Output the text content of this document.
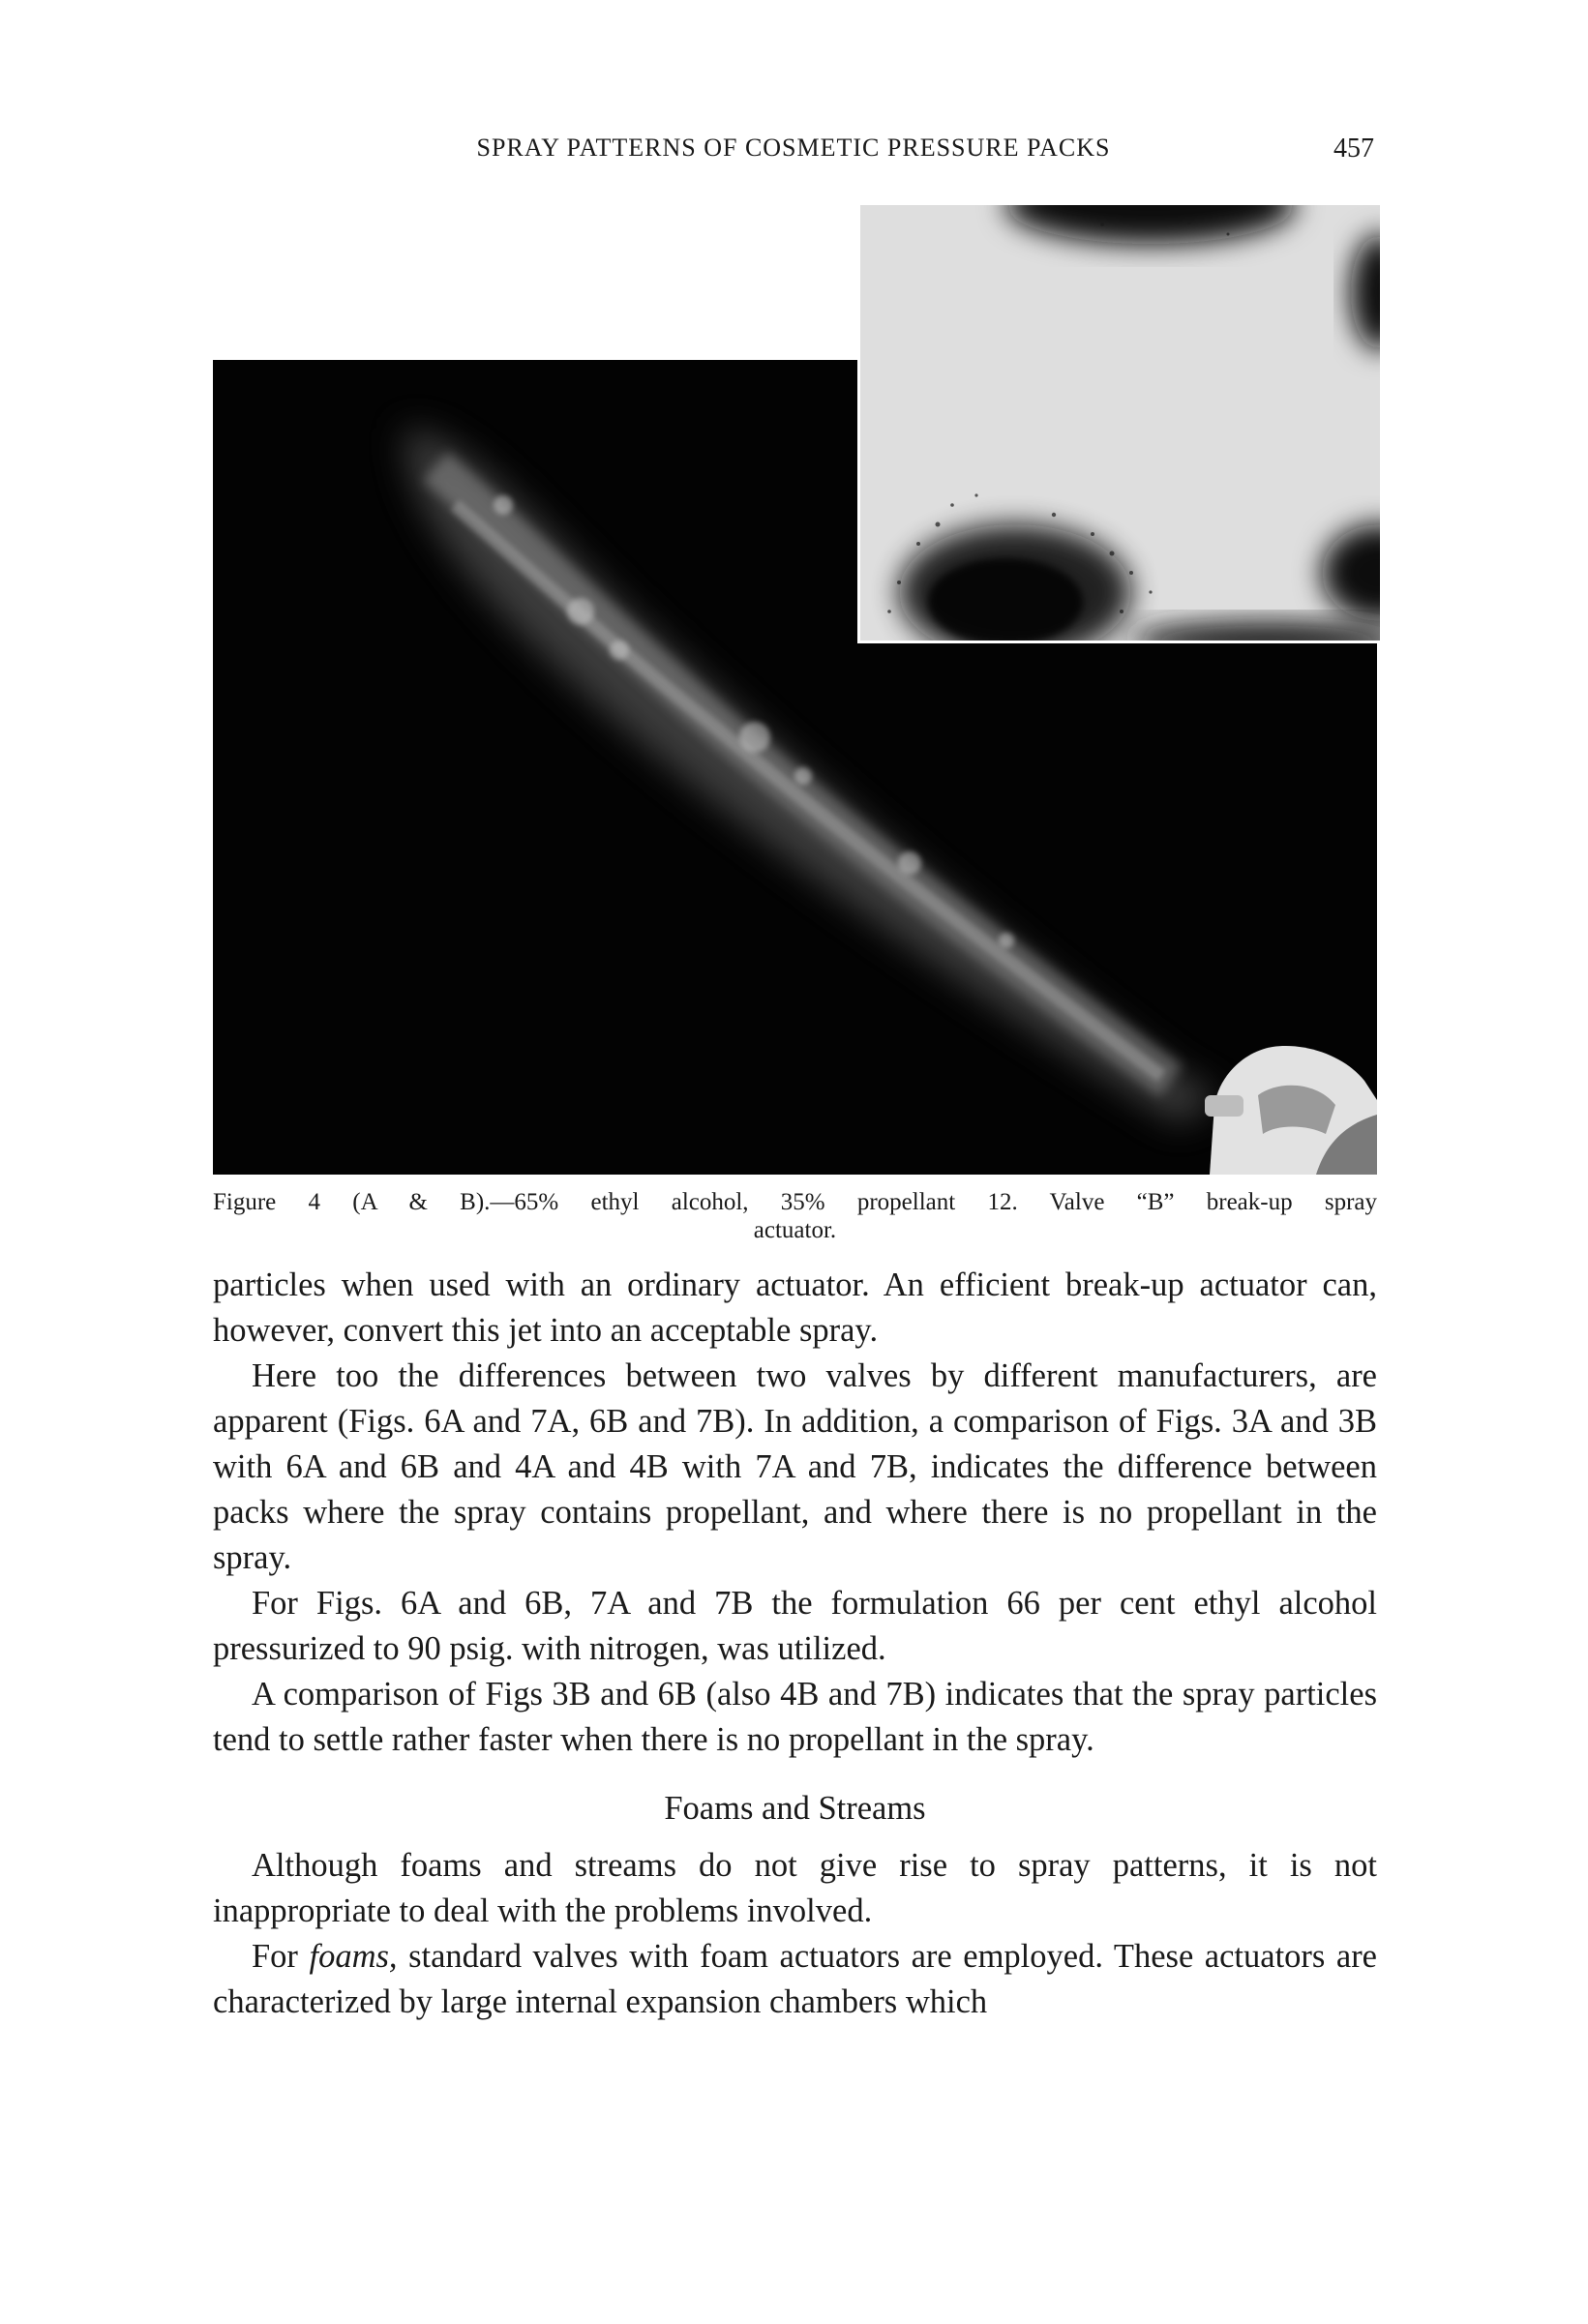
SPRAY PATTERNS OF COSMETIC PRESSURE PACKS	457
Figure 4 (A & B).—65% ethyl alcohol, 35% propellant 12. Valve “B” break-up spray
actuator.

particles when used with an ordinary actuator. An efficient break-up actuator can, however, convert this jet into an acceptable spray.

Here too the differences between two valves by different manufacturers, are apparent (Figs. 6A and 7A, 6B and 7B). In addition, a comparison of Figs. 3A and 3B with 6A and 6B and 4A and 4B with 7A and 7B, indicates the difference between packs where the spray contains propellant, and where there is no propellant in the spray.

For Figs. 6A and 6B, 7A and 7B the formulation 66 per cent ethyl alcohol pressurized to 90 psig. with nitrogen, was utilized.

A comparison of Figs 3B and 6B (also 4B and 7B) indicates that the spray particles tend to settle rather faster when there is no propellant in the spray.

Foams and Streams

Although foams and streams do not give rise to spray patterns, it is not inappropriate to deal with the problems involved.

For foams, standard valves with foam actuators are employed. These actuators are characterized by large internal expansion chambers which
